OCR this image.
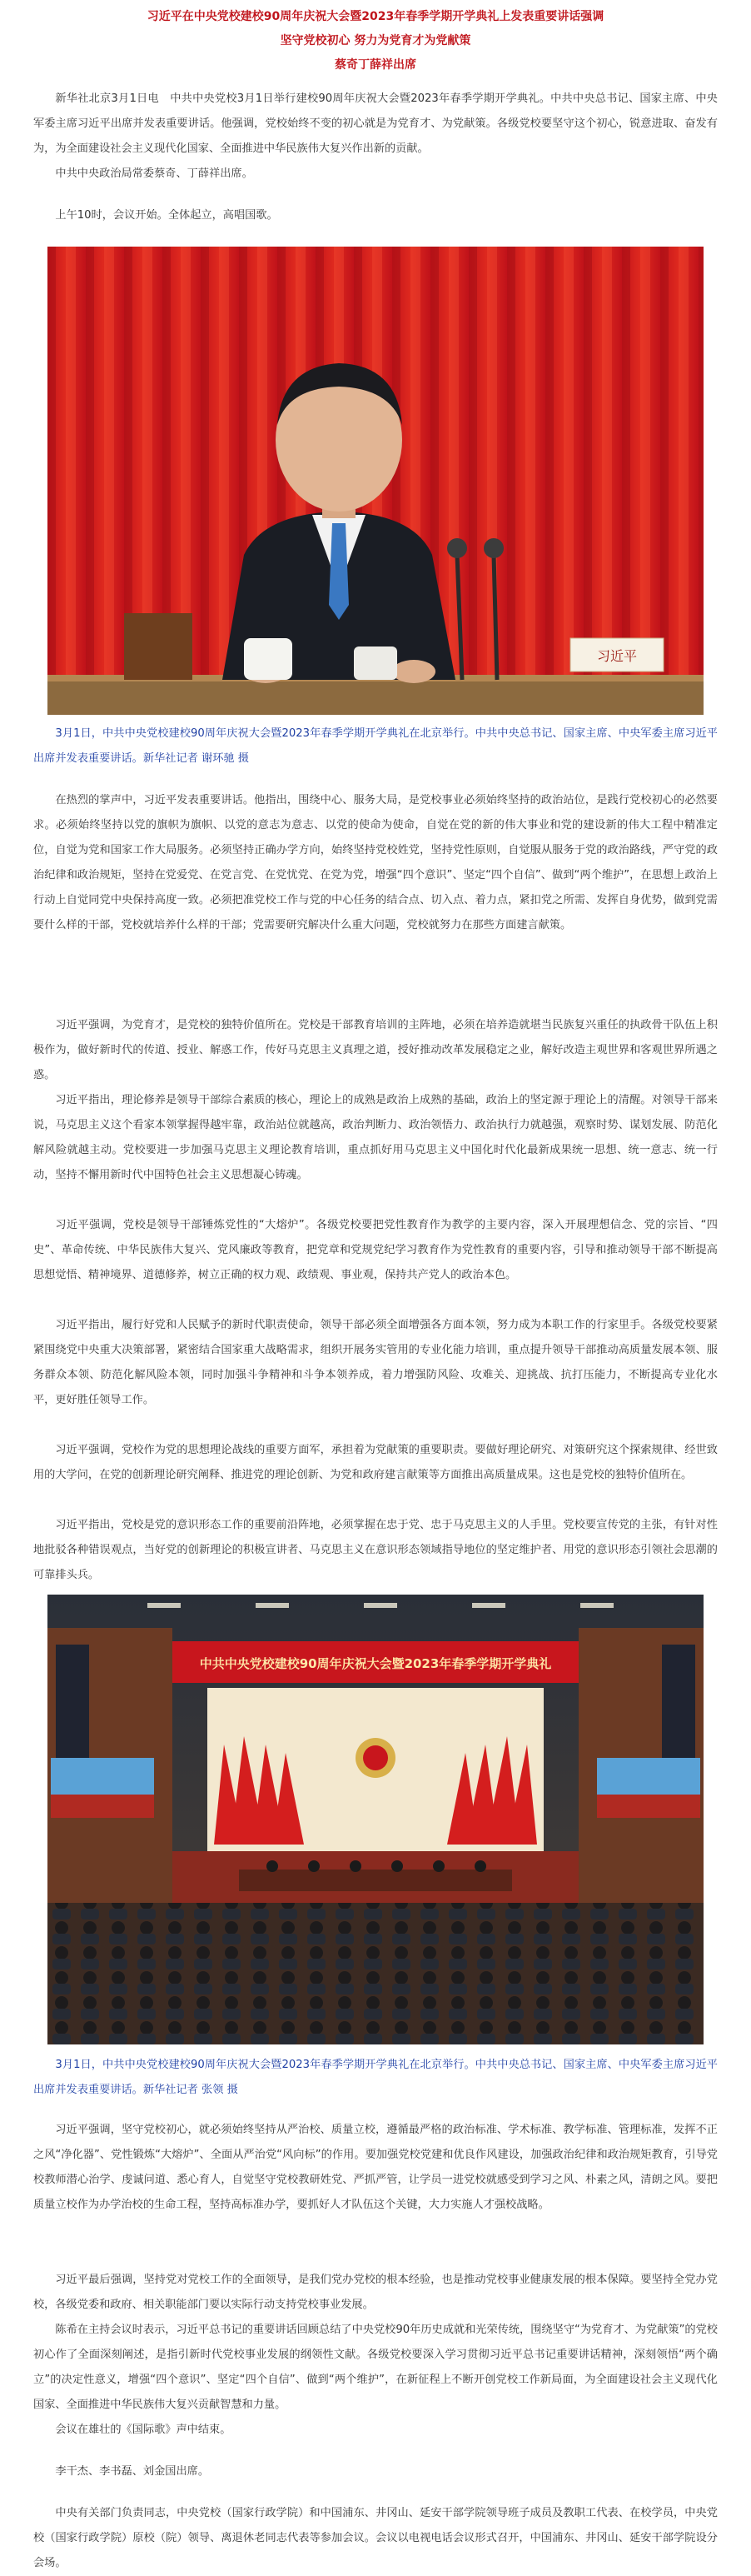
习近平在中央党校建校90周年庆祝大会暨2023年春季学期开学典礼上发表重要讲话强调
坚守党校初心 努力为党育才为党献策
蔡奇丁薛祥出席

新华社北京3月1日电　中共中央党校3月1日举行建校90周年庆祝大会暨2023年春季学期开学典礼。中共中央总书记、国家主席、中央军委主席习近平出席并发表重要讲话。他强调，党校始终不变的初心就是为党育才、为党献策。各级党校要坚守这个初心，锐意进取、奋发有为，为全面建设社会主义现代化国家、全面推进中华民族伟大复兴作出新的贡献。

中共中央政治局常委蔡奇、丁薛祥出席。

上午10时，会议开始。全体起立，高唱国歌。

习近平

3月1日，中共中央党校建校90周年庆祝大会暨2023年春季学期开学典礼在北京举行。中共中央总书记、国家主席、中央军委主席习近平出席并发表重要讲话。新华社记者 谢环驰 摄

在热烈的掌声中，习近平发表重要讲话。他指出，围绕中心、服务大局，是党校事业必须始终坚持的政治站位，是践行党校初心的必然要求。必须始终坚持以党的旗帜为旗帜、以党的意志为意志、以党的使命为使命，自觉在党的新的伟大事业和党的建设新的伟大工程中精准定位，自觉为党和国家工作大局服务。必须坚持正确办学方向，始终坚持党校姓党，坚持党性原则，自觉服从服务于党的政治路线，严守党的政治纪律和政治规矩，坚持在党爱党、在党言党、在党忧党、在党为党，增强“四个意识”、坚定“四个自信”、做到“两个维护”，在思想上政治上行动上自觉同党中央保持高度一致。必须把准党校工作与党的中心任务的结合点、切入点、着力点，紧扣党之所需、发挥自身优势，做到党需要什么样的干部，党校就培养什么样的干部；党需要研究解决什么重大问题，党校就努力在那些方面建言献策。

习近平强调，为党育才，是党校的独特价值所在。党校是干部教育培训的主阵地，必须在培养造就堪当民族复兴重任的执政骨干队伍上积极作为，做好新时代的传道、授业、解惑工作，传好马克思主义真理之道，授好推动改革发展稳定之业，解好改造主观世界和客观世界所遇之惑。

习近平指出，理论修养是领导干部综合素质的核心，理论上的成熟是政治上成熟的基础，政治上的坚定源于理论上的清醒。对领导干部来说，马克思主义这个看家本领掌握得越牢靠，政治站位就越高，政治判断力、政治领悟力、政治执行力就越强，观察时势、谋划发展、防范化解风险就越主动。党校要进一步加强马克思主义理论教育培训，重点抓好用马克思主义中国化时代化最新成果统一思想、统一意志、统一行动，坚持不懈用新时代中国特色社会主义思想凝心铸魂。

习近平强调，党校是领导干部锤炼党性的“大熔炉”。各级党校要把党性教育作为教学的主要内容，深入开展理想信念、党的宗旨、“四史”、革命传统、中华民族伟大复兴、党风廉政等教育，把党章和党规党纪学习教育作为党性教育的重要内容，引导和推动领导干部不断提高思想觉悟、精神境界、道德修养，树立正确的权力观、政绩观、事业观，保持共产党人的政治本色。

习近平指出，履行好党和人民赋予的新时代职责使命，领导干部必须全面增强各方面本领，努力成为本职工作的行家里手。各级党校要紧紧围绕党中央重大决策部署，紧密结合国家重大战略需求，组织开展务实管用的专业化能力培训，重点提升领导干部推动高质量发展本领、服务群众本领、防范化解风险本领，同时加强斗争精神和斗争本领养成，着力增强防风险、攻难关、迎挑战、抗打压能力，不断提高专业化水平，更好胜任领导工作。

习近平强调，党校作为党的思想理论战线的重要方面军，承担着为党献策的重要职责。要做好理论研究、对策研究这个探索规律、经世致用的大学问，在党的创新理论研究阐释、推进党的理论创新、为党和政府建言献策等方面推出高质量成果。这也是党校的独特价值所在。

习近平指出，党校是党的意识形态工作的重要前沿阵地，必须掌握在忠于党、忠于马克思主义的人手里。党校要宣传党的主张，有针对性地批驳各种错误观点，当好党的创新理论的积极宣讲者、马克思主义在意识形态领域指导地位的坚定维护者、用党的意识形态引领社会思潮的可靠排头兵。

中共中央党校建校90周年庆祝大会暨2023年春季学期开学典礼

3月1日，中共中央党校建校90周年庆祝大会暨2023年春季学期开学典礼在北京举行。中共中央总书记、国家主席、中央军委主席习近平出席并发表重要讲话。新华社记者 张领 摄

习近平强调，坚守党校初心，就必须始终坚持从严治校、质量立校，遵循最严格的政治标准、学术标准、教学标准、管理标准，发挥不正之风“净化器”、党性锻炼“大熔炉”、全面从严治党“风向标”的作用。要加强党校党建和优良作风建设，加强政治纪律和政治规矩教育，引导党校教师潜心治学、虔诚问道、悉心育人，自觉坚守党校教研姓党、严抓严管，让学员一进党校就感受到学习之风、朴素之风，清朗之风。要把质量立校作为办学治校的生命工程，坚持高标准办学，要抓好人才队伍这个关键，大力实施人才强校战略。

习近平最后强调，坚持党对党校工作的全面领导，是我们党办党校的根本经验，也是推动党校事业健康发展的根本保障。要坚持全党办党校，各级党委和政府、相关职能部门要以实际行动支持党校事业发展。

陈希在主持会议时表示，习近平总书记的重要讲话回顾总结了中央党校90年历史成就和光荣传统，围绕坚守“为党育才、为党献策”的党校初心作了全面深刻阐述，是指引新时代党校事业发展的纲领性文献。各级党校要深入学习贯彻习近平总书记重要讲话精神，深刻领悟“两个确立”的决定性意义，增强“四个意识”、坚定“四个自信”、做到“两个维护”，在新征程上不断开创党校工作新局面，为全面建设社会主义现代化国家、全面推进中华民族伟大复兴贡献智慧和力量。

会议在雄壮的《国际歌》声中结束。

李干杰、李书磊、刘金国出席。

中央有关部门负责同志，中央党校（国家行政学院）和中国浦东、井冈山、延安干部学院领导班子成员及教职工代表、在校学员，中央党校（国家行政学院）原校（院）领导、离退休老同志代表等参加会议。会议以电视电话会议形式召开，中国浦东、井冈山、延安干部学院设分会场。
